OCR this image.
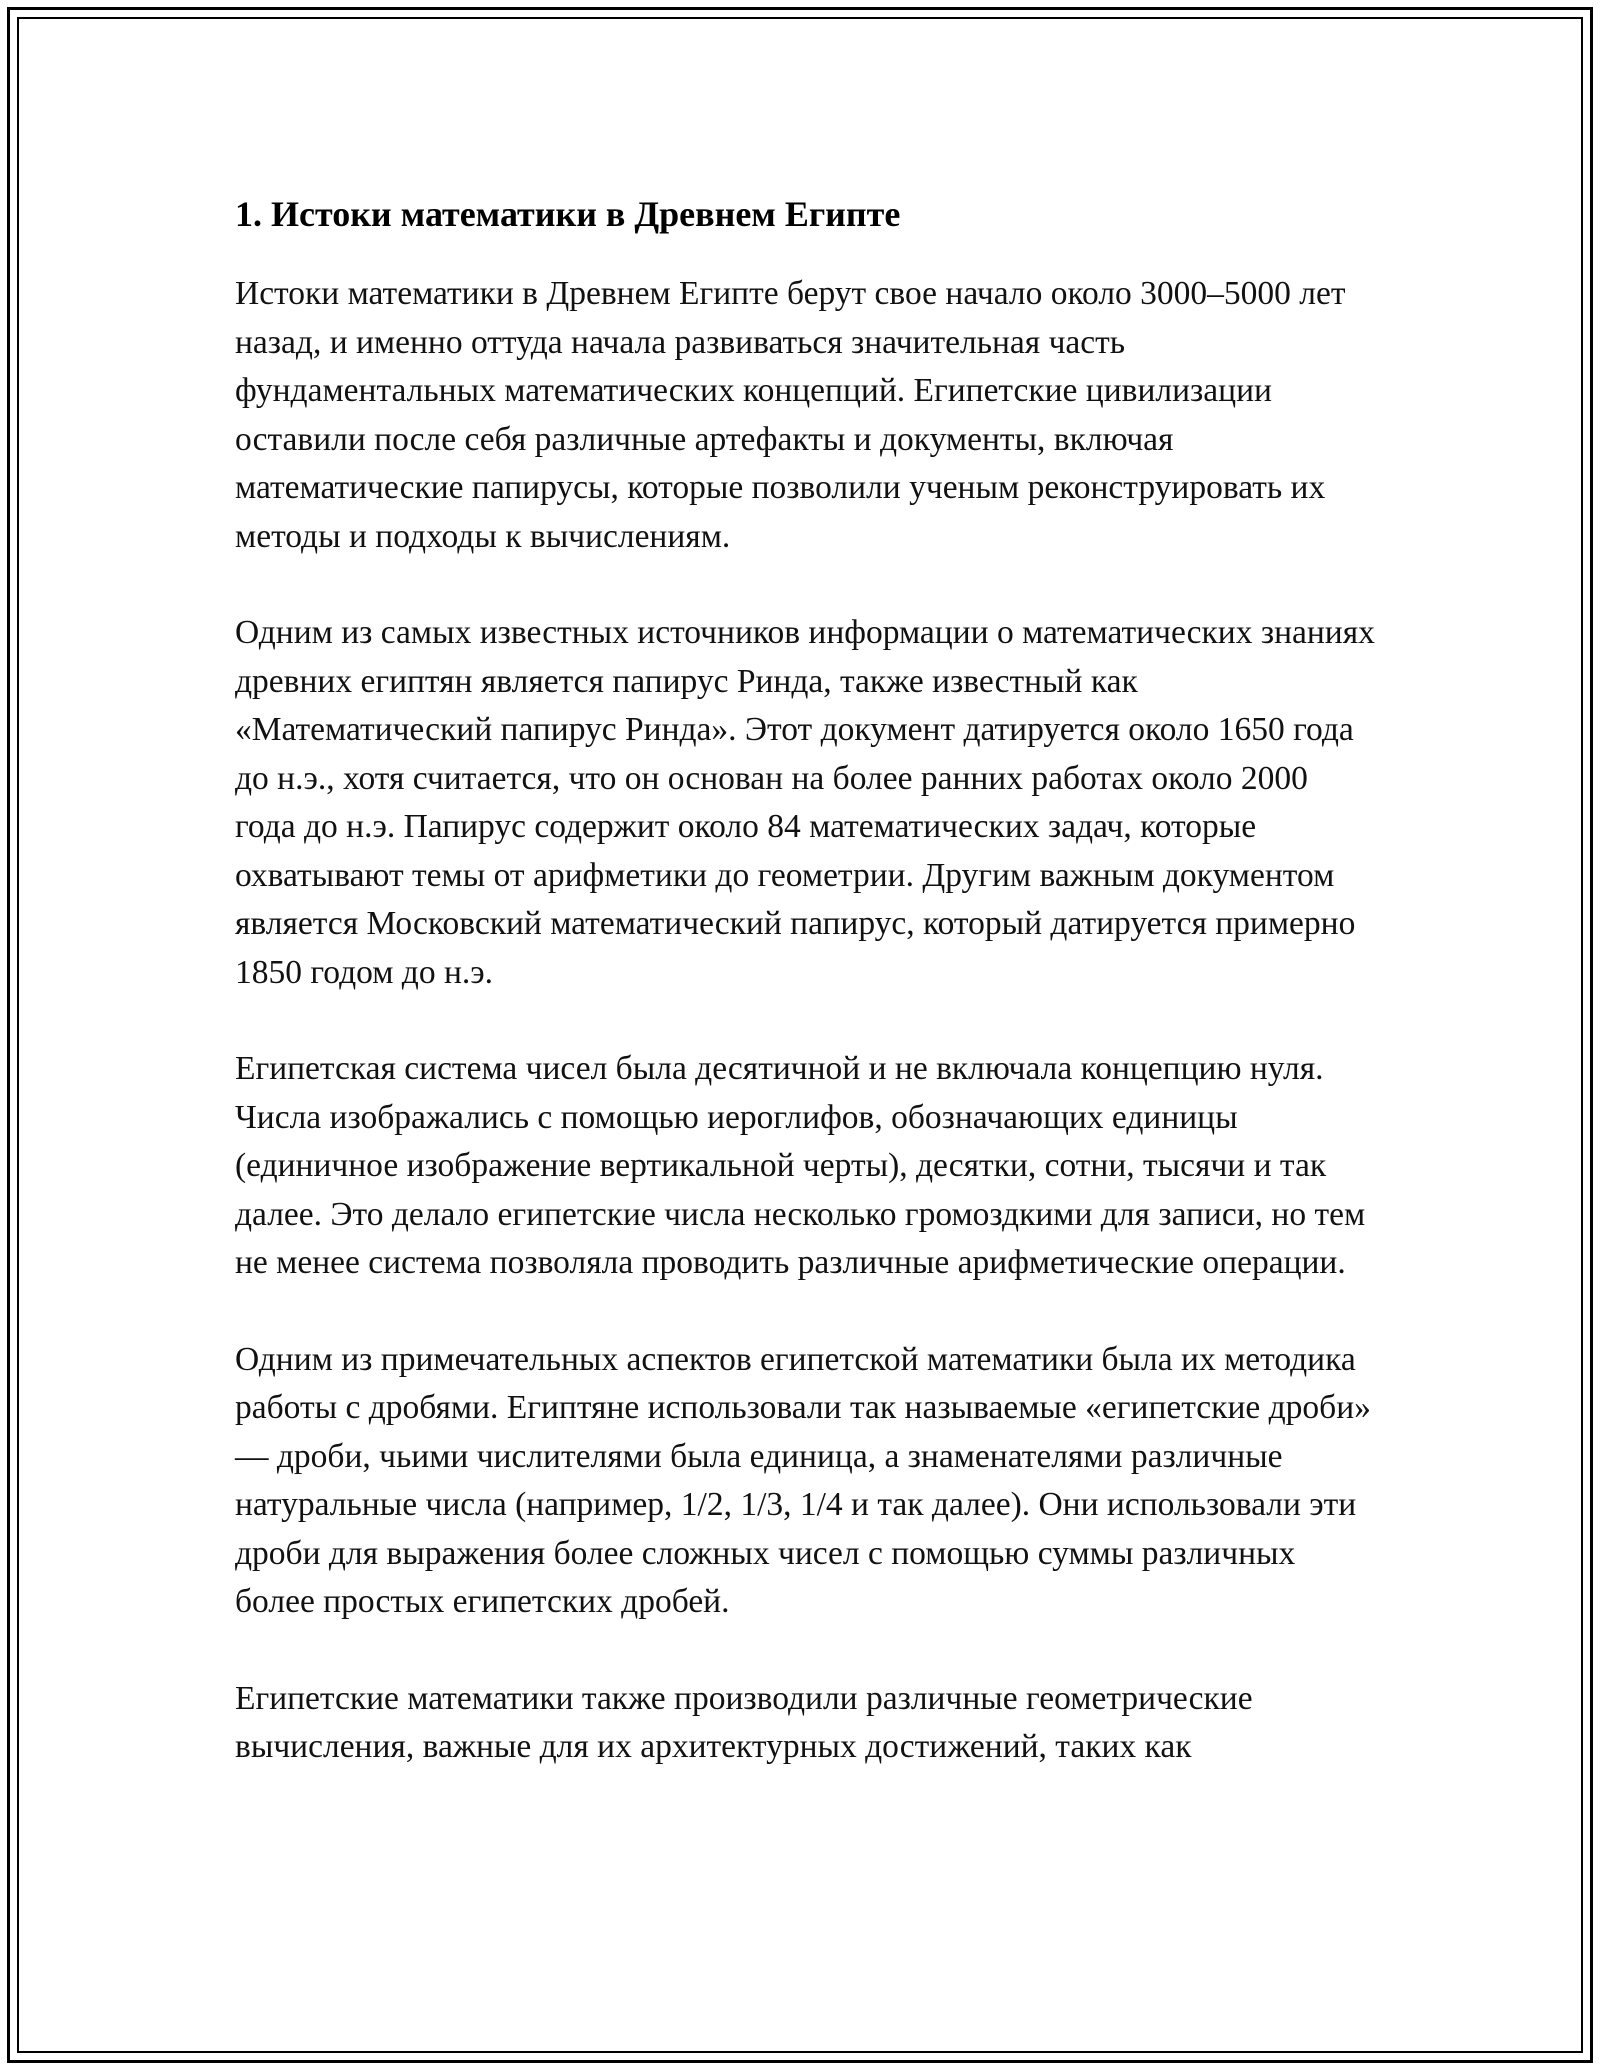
1. Истоки математики в Древнем Египте

Истоки математики в Древнем Египте берут свое начало около 3000–5000 лет назад, и именно оттуда начала развиваться значительная часть фундаментальных математических концепций. Египетские цивилизации оставили после себя различные артефакты и документы, включая математические папирусы, которые позволили ученым реконструировать их методы и подходы к вычислениям.

Одним из самых известных источников информации о математических знаниях древних египтян является папирус Ринда, также известный как «Математический папирус Ринда». Этот документ датируется около 1650 года до н.э., хотя считается, что он основан на более ранних работах около 2000 года до н.э. Папирус содержит около 84 математических задач, которые охватывают темы от арифметики до геометрии. Другим важным документом является Московский математический папирус, который датируется примерно 1850 годом до н.э.

Египетская система чисел была десятичной и не включала концепцию нуля. Числа изображались с помощью иероглифов, обозначающих единицы (единичное изображение вертикальной черты), десятки, сотни, тысячи и так далее. Это делало египетские числа несколько громоздкими для записи, но тем не менее система позволяла проводить различные арифметические операции.

Одним из примечательных аспектов египетской математики была их методика работы с дробями. Египтяне использовали так называемые «египетские дроби» — дроби, чьими числителями была единица, а знаменателями различные натуральные числа (например, 1/2, 1/3, 1/4 и так далее). Они использовали эти дроби для выражения более сложных чисел с помощью суммы различных более простых египетских дробей.

Египетские математики также производили различные геометрические вычисления, важные для их архитектурных достижений, таких как
